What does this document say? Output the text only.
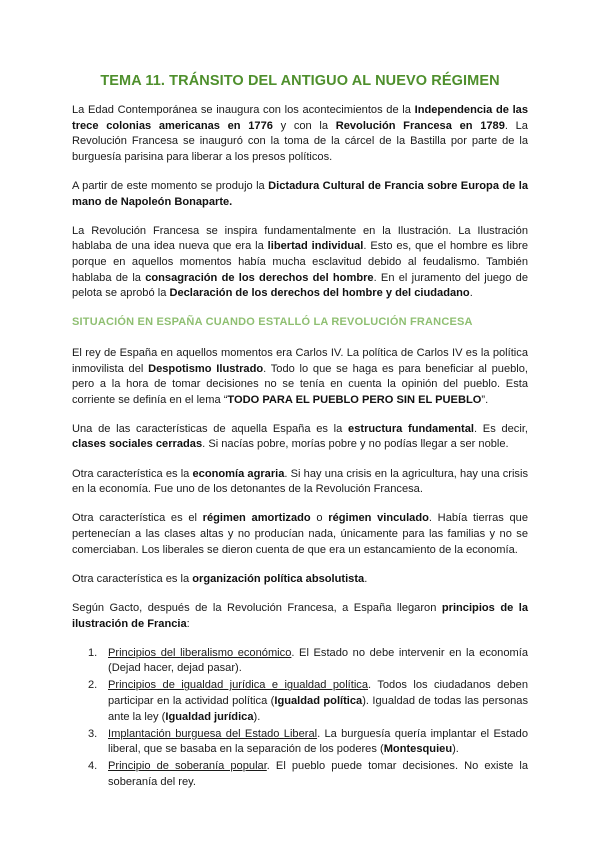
TEMA 11. TRÁNSITO DEL ANTIGUO AL NUEVO RÉGIMEN

La Edad Contemporánea se inaugura con los acontecimientos de la Independencia de las trece colonias americanas en 1776 y con la Revolución Francesa en 1789. La Revolución Francesa se inauguró con la toma de la cárcel de la Bastilla por parte de la burguesía parisina para liberar a los presos políticos.

A partir de este momento se produjo la Dictadura Cultural de Francia sobre Europa de la mano de Napoleón Bonaparte.

La Revolución Francesa se inspira fundamentalmente en la Ilustración. La Ilustración hablaba de una idea nueva que era la libertad individual. Esto es, que el hombre es libre porque en aquellos momentos había mucha esclavitud debido al feudalismo. También hablaba de la consagración de los derechos del hombre. En el juramento del juego de pelota se aprobó la Declaración de los derechos del hombre y del ciudadano.

SITUACIÓN EN ESPAÑA CUANDO ESTALLÓ LA REVOLUCIÓN FRANCESA

El rey de España en aquellos momentos era Carlos IV. La política de Carlos IV es la política inmovilista del Despotismo Ilustrado. Todo lo que se haga es para beneficiar al pueblo, pero a la hora de tomar decisiones no se tenía en cuenta la opinión del pueblo. Esta corriente se definía en el lema “TODO PARA EL PUEBLO PERO SIN EL PUEBLO”.

Una de las características de aquella España es la estructura fundamental. Es decir, clases sociales cerradas. Si nacías pobre, morías pobre y no podías llegar a ser noble.

Otra característica es la economía agraria. Si hay una crisis en la agricultura, hay una crisis en la economía. Fue uno de los detonantes de la Revolución Francesa.

Otra característica es el régimen amortizado o régimen vinculado. Había tierras que pertenecían a las clases altas y no producían nada, únicamente para las familias y no se comerciaban. Los liberales se dieron cuenta de que era un estancamiento de la economía.

Otra característica es la organización política absolutista.

Según Gacto, después de la Revolución Francesa, a España llegaron principios de la ilustración de Francia:

1. Principios del liberalismo económico. El Estado no debe intervenir en la economía (Dejad hacer, dejad pasar).
2. Principios de igualdad jurídica e igualdad política. Todos los ciudadanos deben participar en la actividad política (Igualdad política). Igualdad de todas las personas ante la ley (Igualdad jurídica).
3. Implantación burguesa del Estado Liberal. La burguesía quería implantar el Estado liberal, que se basaba en la separación de los poderes (Montesquieu).
4. Principio de soberanía popular. El pueblo puede tomar decisiones. No existe la soberanía del rey.
